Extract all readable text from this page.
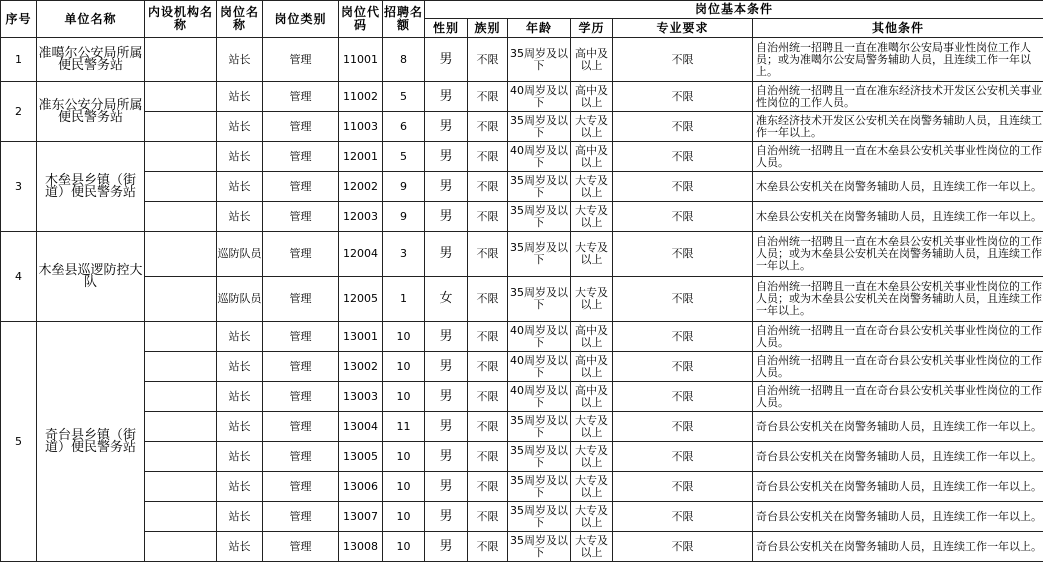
序号	单位名称	内设机构名称	岗位名称	岗位类别	岗位代码	招聘名额	岗位基本条件					
							性别	族别	年龄	学历	专业要求	其他条件
1	准噶尔公安局所属便民警务站		站长	管理	11001	8	男	不限	35周岁及以下	高中及以上	不限	自治州统一招聘且一直在准噶尔公安局事业性岗位工作人员；或为准噶尔公安局警务辅助人员，且连续工作一年以上。
2	准东公安分局所属便民警务站		站长	管理	11002	5	男	不限	40周岁及以下	高中及以上	不限	自治州统一招聘且一直在准东经济技术开发区公安机关事业性岗位的工作人员。
			站长	管理	11003	6	男	不限	35周岁及以下	大专及以上	不限	准东经济技术开发区公安机关在岗警务辅助人员，且连续工作一年以上。
3	木垒县乡镇（街道）便民警务站		站长	管理	12001	5	男	不限	40周岁及以下	高中及以上	不限	自治州统一招聘且一直在木垒县公安机关事业性岗位的工作人员。
			站长	管理	12002	9	男	不限	35周岁及以下	大专及以上	不限	木垒县公安机关在岗警务辅助人员，且连续工作一年以上。
			站长	管理	12003	9	男	不限	35周岁及以下	大专及以上	不限	木垒县公安机关在岗警务辅助人员，且连续工作一年以上。
4	木垒县巡逻防控大队		巡防队员	管理	12004	3	男	不限	35周岁及以下	大专及以上	不限	自治州统一招聘且一直在木垒县公安机关事业性岗位的工作人员；或为木垒县公安机关在岗警务辅助人员，且连续工作一年以上。
			巡防队员	管理	12005	1	女	不限	35周岁及以下	大专及以上	不限	自治州统一招聘且一直在木垒县公安机关事业性岗位的工作人员；或为木垒县公安机关在岗警务辅助人员，且连续工作一年以上。
5	奇台县乡镇（街道）便民警务站		站长	管理	13001	10	男	不限	40周岁及以下	高中及以上	不限	自治州统一招聘且一直在奇台县公安机关事业性岗位的工作人员。
			站长	管理	13002	10	男	不限	40周岁及以下	高中及以上	不限	自治州统一招聘且一直在奇台县公安机关事业性岗位的工作人员。
			站长	管理	13003	10	男	不限	40周岁及以下	高中及以上	不限	自治州统一招聘且一直在奇台县公安机关事业性岗位的工作人员。
			站长	管理	13004	11	男	不限	35周岁及以下	大专及以上	不限	奇台县公安机关在岗警务辅助人员，且连续工作一年以上。
			站长	管理	13005	10	男	不限	35周岁及以下	大专及以上	不限	奇台县公安机关在岗警务辅助人员，且连续工作一年以上。
			站长	管理	13006	10	男	不限	35周岁及以下	大专及以上	不限	奇台县公安机关在岗警务辅助人员，且连续工作一年以上。
			站长	管理	13007	10	男	不限	35周岁及以下	大专及以上	不限	奇台县公安机关在岗警务辅助人员，且连续工作一年以上。
			站长	管理	13008	10	男	不限	35周岁及以下	大专及以上	不限	奇台县公安机关在岗警务辅助人员，且连续工作一年以上。
